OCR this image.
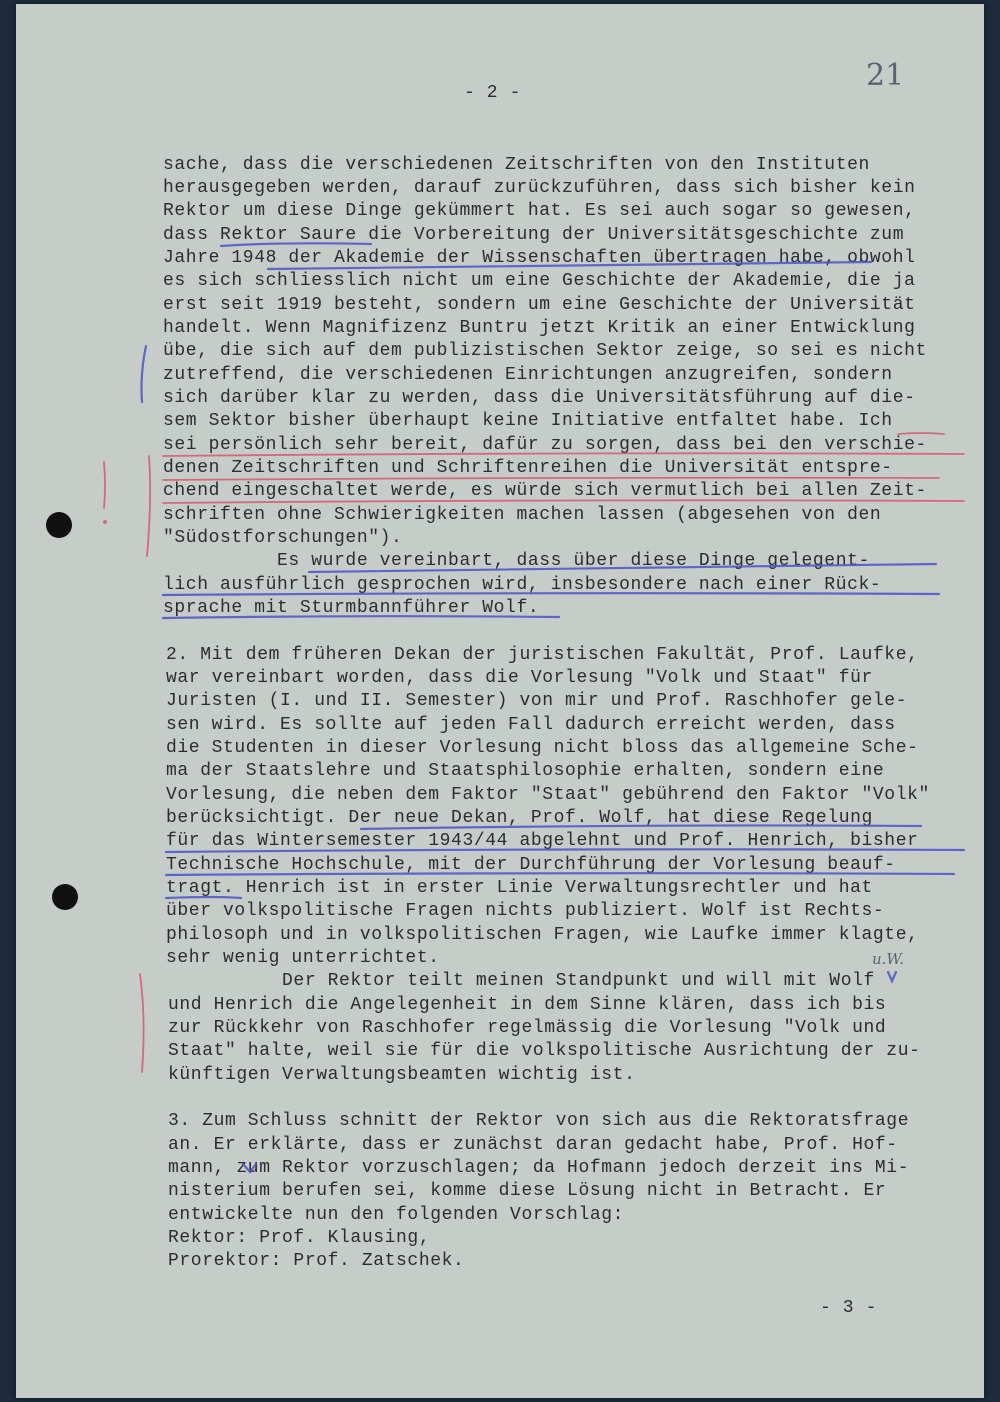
- 2 -	21
sache, dass die verschiedenen Zeitschriften von den Instituten
herausgegeben werden, darauf zurückzuführen, dass sich bisher kein
Rektor um diese Dinge gekümmert hat. Es sei auch sogar so gewesen,
dass Rektor Saure die Vorbereitung der Universitätsgeschichte zum
Jahre 1948 der Akademie der Wissenschaften übertragen habe, obwohl
es sich schliesslich nicht um eine Geschichte der Akademie, die ja
erst seit 1919 besteht, sondern um eine Geschichte der Universität
handelt. Wenn Magnifizenz Buntru jetzt Kritik an einer Entwicklung
übe, die sich auf dem publizistischen Sektor zeige, so sei es nicht
zutreffend, die verschiedenen Einrichtungen anzugreifen, sondern
sich darüber klar zu werden, dass die Universitätsführung auf die-
sem Sektor bisher überhaupt keine Initiative entfaltet habe. Ich
sei persönlich sehr bereit, dafür zu sorgen, dass bei den verschie-
denen Zeitschriften und Schriftenreihen die Universität entspre-
chend eingeschaltet werde, es würde sich vermutlich bei allen Zeit-
schriften ohne Schwierigkeiten machen lassen (abgesehen von den
"Südostforschungen").
Es wurde vereinbart, dass über diese Dinge gelegent-
lich ausführlich gesprochen wird, insbesondere nach einer Rück-
sprache mit Sturmbannführer Wolf.
2. Mit dem früheren Dekan der juristischen Fakultät, Prof. Laufke,
war vereinbart worden, dass die Vorlesung "Volk und Staat" für
Juristen (I. und II. Semester) von mir und Prof. Raschhofer gele-
sen wird. Es sollte auf jeden Fall dadurch erreicht werden, dass
die Studenten in dieser Vorlesung nicht bloss das allgemeine Sche-
ma der Staatslehre und Staatsphilosophie erhalten, sondern eine
Vorlesung, die neben dem Faktor "Staat" gebührend den Faktor "Volk"
berücksichtigt. Der neue Dekan, Prof. Wolf, hat diese Regelung
für das Wintersemester 1943/44 abgelehnt und Prof. Henrich, bisher
Technische Hochschule, mit der Durchführung der Vorlesung beauf-
tragt. Henrich ist in erster Linie Verwaltungsrechtler und hat
über volkspolitische Fragen nichts publiziert. Wolf ist Rechts-
philosoph und in volkspolitischen Fragen, wie Laufke immer klagte,
sehr wenig unterrichtet.
Der Rektor teilt meinen Standpunkt und will mit Wolf
und Henrich die Angelegenheit in dem Sinne klären, dass ich bis
zur Rückkehr von Raschhofer regelmässig die Vorlesung "Volk und
Staat" halte, weil sie für die volkspolitische Ausrichtung der zu-
künftigen Verwaltungsbeamten wichtig ist.
u.W.
3. Zum Schluss schnitt der Rektor von sich aus die Rektoratsfrage
an. Er erklärte, dass er zunächst daran gedacht habe, Prof. Hof-
mann, zum Rektor vorzuschlagen; da Hofmann jedoch derzeit ins Mi-
nisterium berufen sei, komme diese Lösung nicht in Betracht. Er
entwickelte nun den folgenden Vorschlag:
Rektor: Prof. Klausing,
Prorektor: Prof. Zatschek.
- 3 -
